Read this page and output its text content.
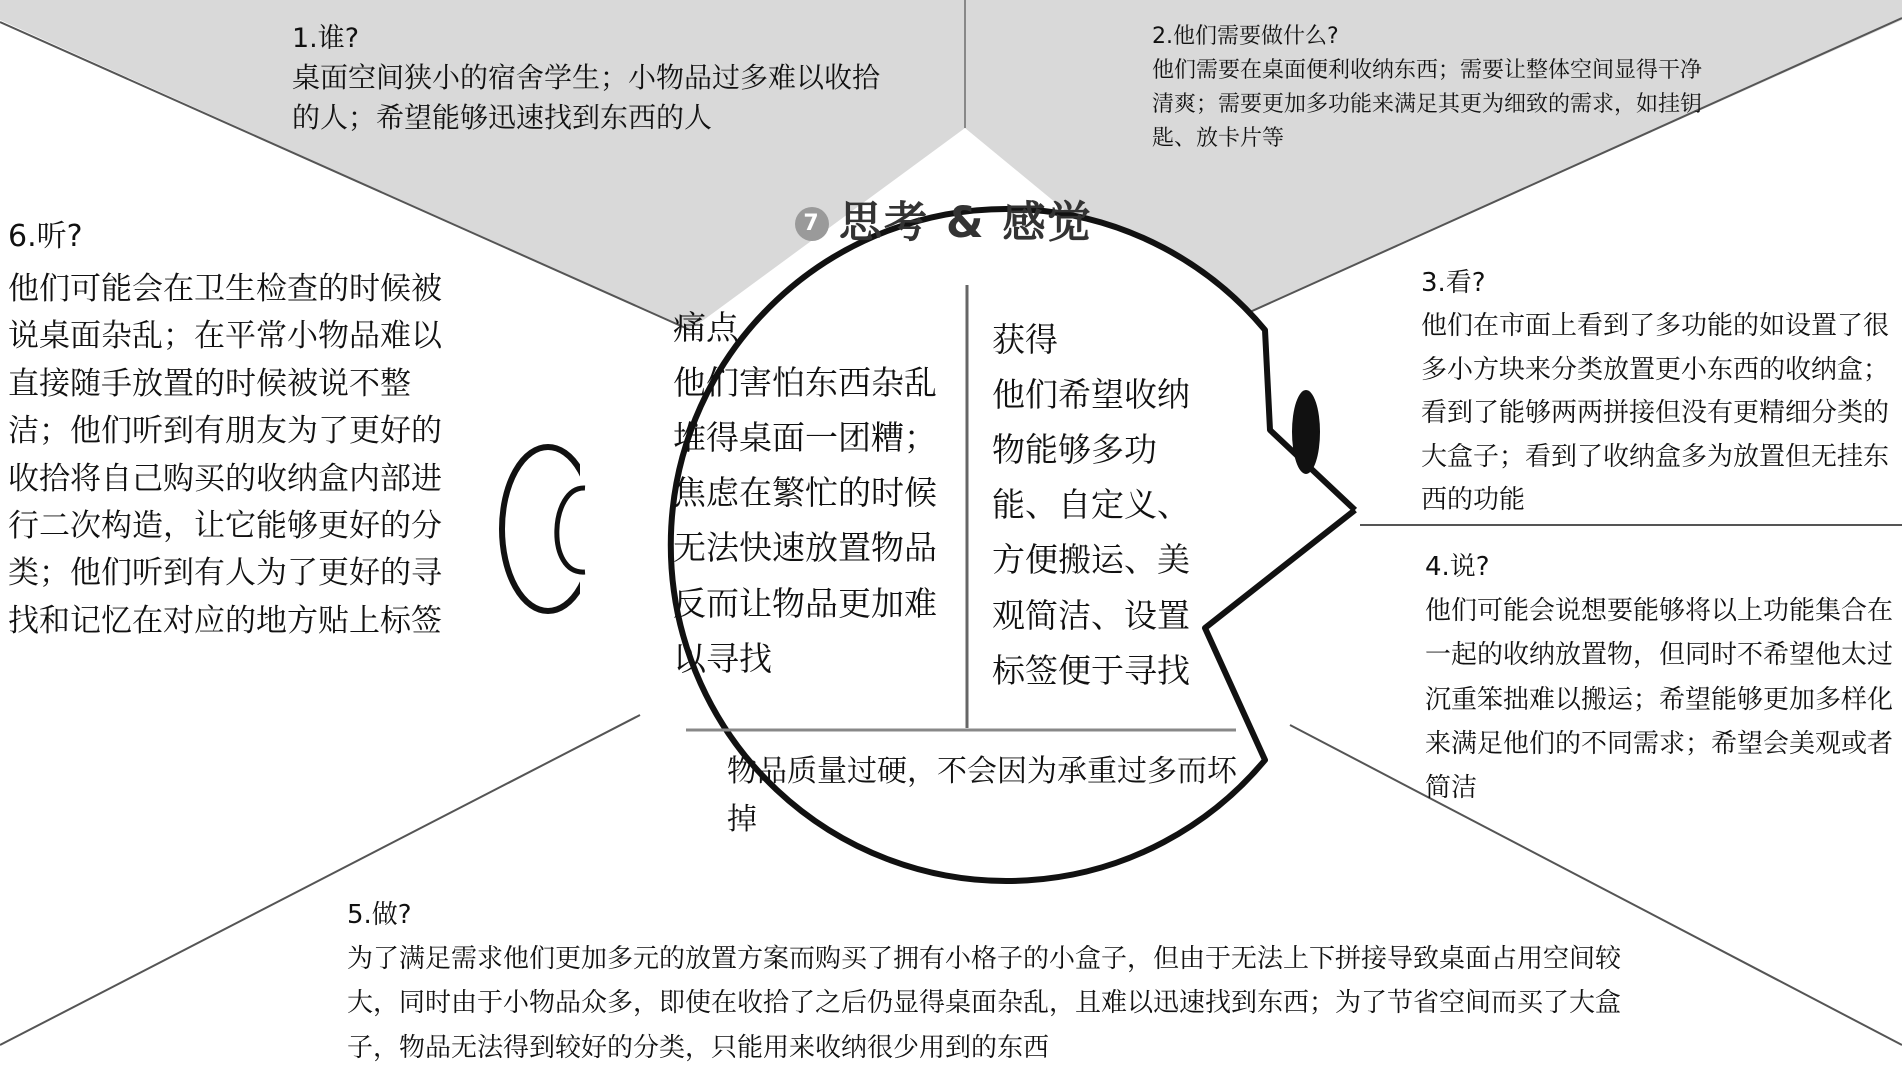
1.谁?
桌面空间狭小的宿舍学生；小物品过多难以收拾的人；希望能够迅速找到东西的人
2.他们需要做什么?
他们需要在桌面便利收纳东西；需要让整体空间显得干净清爽；需要更加多功能来满足其更为细致的需求，如挂钥匙、放卡片等
6.听?
他们可能会在卫生检查的时候被说桌面杂乱；在平常小物品难以直接随手放置的时候被说不整洁；他们听到有朋友为了更好的收拾将自己购买的收纳盒内部进行二次构造，让它能够更好的分类；他们听到有人为了更好的寻找和记忆在对应的地方贴上标签
3.看?
他们在市面上看到了多功能的如设置了很多小方块来分类放置更小东西的收纳盒；看到了能够两两拼接但没有更精细分类的大盒子；看到了收纳盒多为放置但无挂东西的功能
4.说?
他们可能会说想要能够将以上功能集合在一起的收纳放置物，但同时不希望他太过沉重笨拙难以搬运；希望能够更加多样化来满足他们的不同需求；希望会美观或者简洁
5.做?
为了满足需求他们更加多元的放置方案而购买了拥有小格子的小盒子，但由于无法上下拼接导致桌面占用空间较大，同时由于小物品众多，即使在收拾了之后仍显得桌面杂乱，且难以迅速找到东西；为了节省空间而买了大盒子，物品无法得到较好的分类，只能用来收纳很少用到的东西
7 思考 & 感觉
痛点
他们害怕东西杂乱堆得桌面一团糟；焦虑在繁忙的时候无法快速放置物品反而让物品更加难以寻找
获得
他们希望收纳物能够多功能、自定义、方便搬运、美观简洁、设置标签便于寻找
物品质量过硬，不会因为承重过多而坏掉
